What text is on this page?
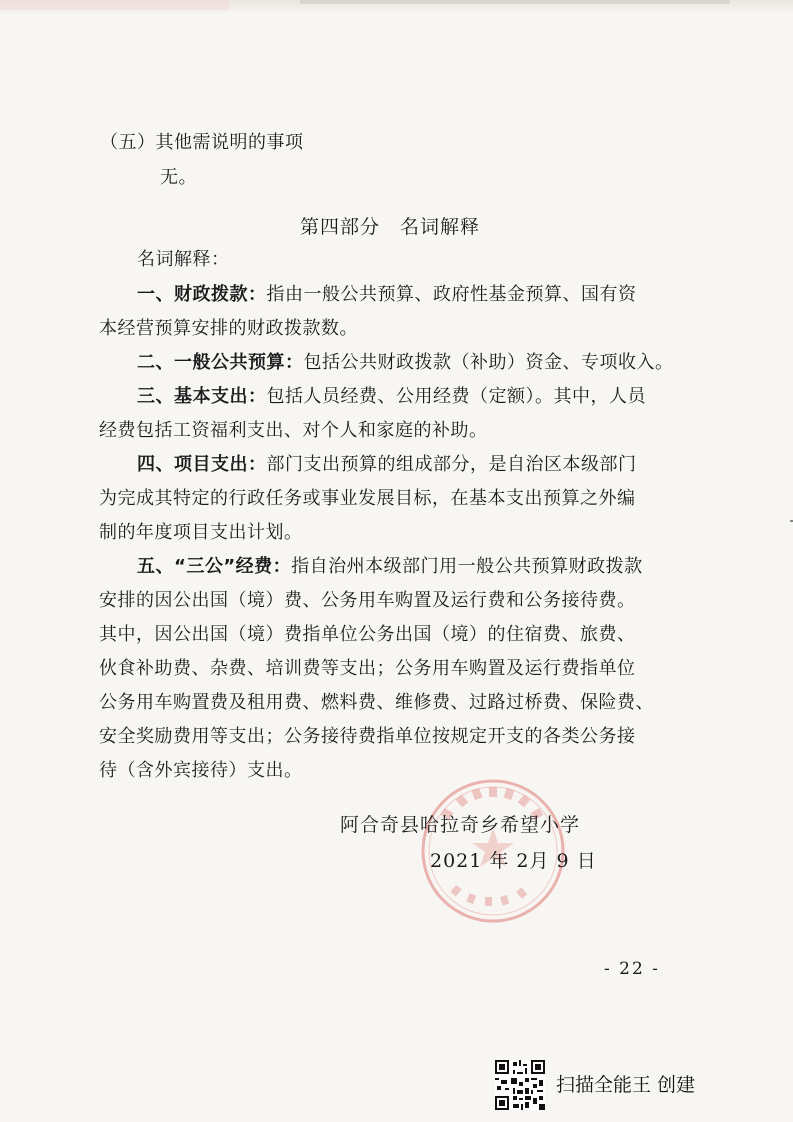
（五）其他需说明的事项
无。
第四部分　名词解释
名词解释：
一、财政拨款：指由一般公共预算、政府性基金预算、国有资
本经营预算安排的财政拨款数。
二、一般公共预算：包括公共财政拨款（补助）资金、专项收入。
三、基本支出：包括人员经费、公用经费（定额）。其中，人员
经费包括工资福利支出、对个人和家庭的补助。
四、项目支出：部门支出预算的组成部分，是自治区本级部门
为完成其特定的行政任务或事业发展目标，在基本支出预算之外编
制的年度项目支出计划。
五、“三公”经费：指自治州本级部门用一般公共预算财政拨款
安排的因公出国（境）费、公务用车购置及运行费和公务接待费。
其中，因公出国（境）费指单位公务出国（境）的住宿费、旅费、
伙食补助费、杂费、培训费等支出；公务用车购置及运行费指单位
公务用车购置费及租用费、燃料费、维修费、过路过桥费、保险费、
安全奖励费用等支出；公务接待费指单位按规定开支的各类公务接
待（含外宾接待）支出。
阿合奇县哈拉奇乡希望小学
2021 年 2月 9 日
- 22 -
扫描全能王 创建
